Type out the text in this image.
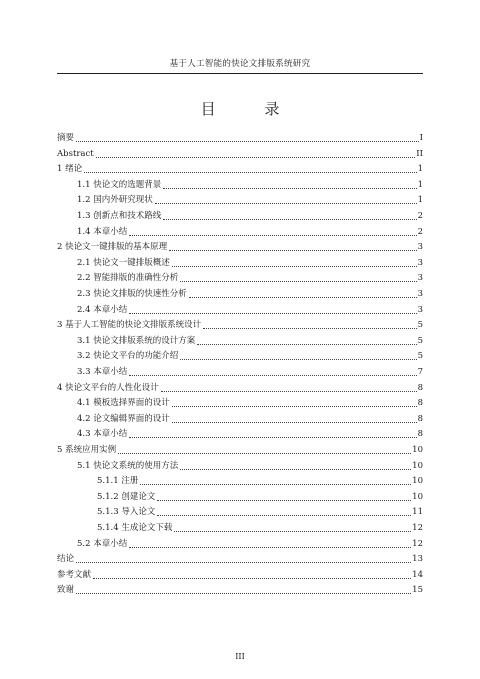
基于人工智能的快论文排版系统研究
目 录
摘要	I
Abstract	II
1 绪论	1
1.1 快论文的选题背景	1
1.2 国内外研究现状	1
1.3 创新点和技术路线	2
1.4 本章小结	2
2 快论文一键排版的基本原理	3
2.1 快论文一键排版概述	3
2.2 智能排版的准确性分析	3
2.3 快论文排版的快速性分析	3
2.4 本章小结	3
3 基于人工智能的快论文排版系统设计	5
3.1 快论文排版系统的设计方案	5
3.2 快论文平台的功能介绍	5
3.3 本章小结	7
4 快论文平台的人性化设计	8
4.1 模板选择界面的设计	8
4.2 论文编辑界面的设计	8
4.3 本章小结	8
5 系统应用实例	10
5.1 快论文系统的使用方法	10
5.1.1 注册	10
5.1.2 创建论文	10
5.1.3 导入论文	11
5.1.4 生成论文下载	12
5.2 本章小结	12
结论	13
参考文献	14
致谢	15
III
